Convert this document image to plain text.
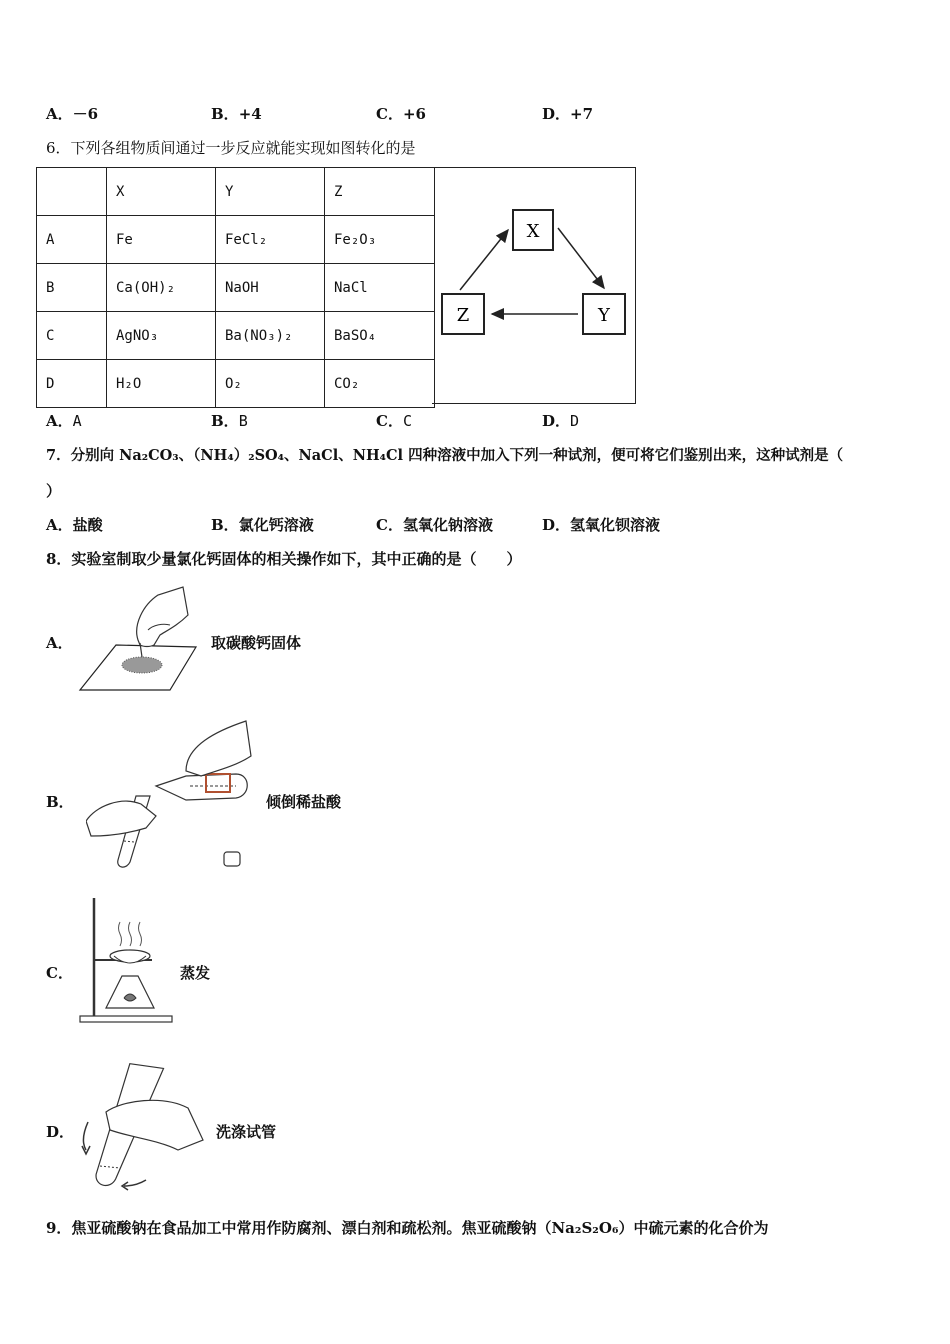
A．－6	B．+4	C．+6	D．+7
6．下列各组物质间通过一步反应就能实现如图转化的是
	X	Y	Z
A	Fe	FeCl₂	Fe₂O₃
B	Ca(OH)₂	NaOH	NaCl
C	AgNO₃	Ba(NO₃)₂	BaSO₄
D	H₂O	O₂	CO₂
X
Y
Z
A．A	B．B	C．C	D．D
7．分别向 Na₂CO₃、（NH₄）₂SO₄、NaCl、NH₄Cl 四种溶液中加入下列一种试剂，便可将它们鉴别出来，这种试剂是（
）
A．盐酸	B．氯化钙溶液	C．氢氧化钠溶液	D．氢氧化钡溶液
8．实验室制取少量氯化钙固体的相关操作如下，其中正确的是（　　）
A．	取碳酸钙固体
B．	倾倒稀盐酸
C．	蒸发
D．	洗涤试管
9．焦亚硫酸钠在食品加工中常用作防腐剂、漂白剂和疏松剂。焦亚硫酸钠（Na₂S₂O₆）中硫元素的化合价为
